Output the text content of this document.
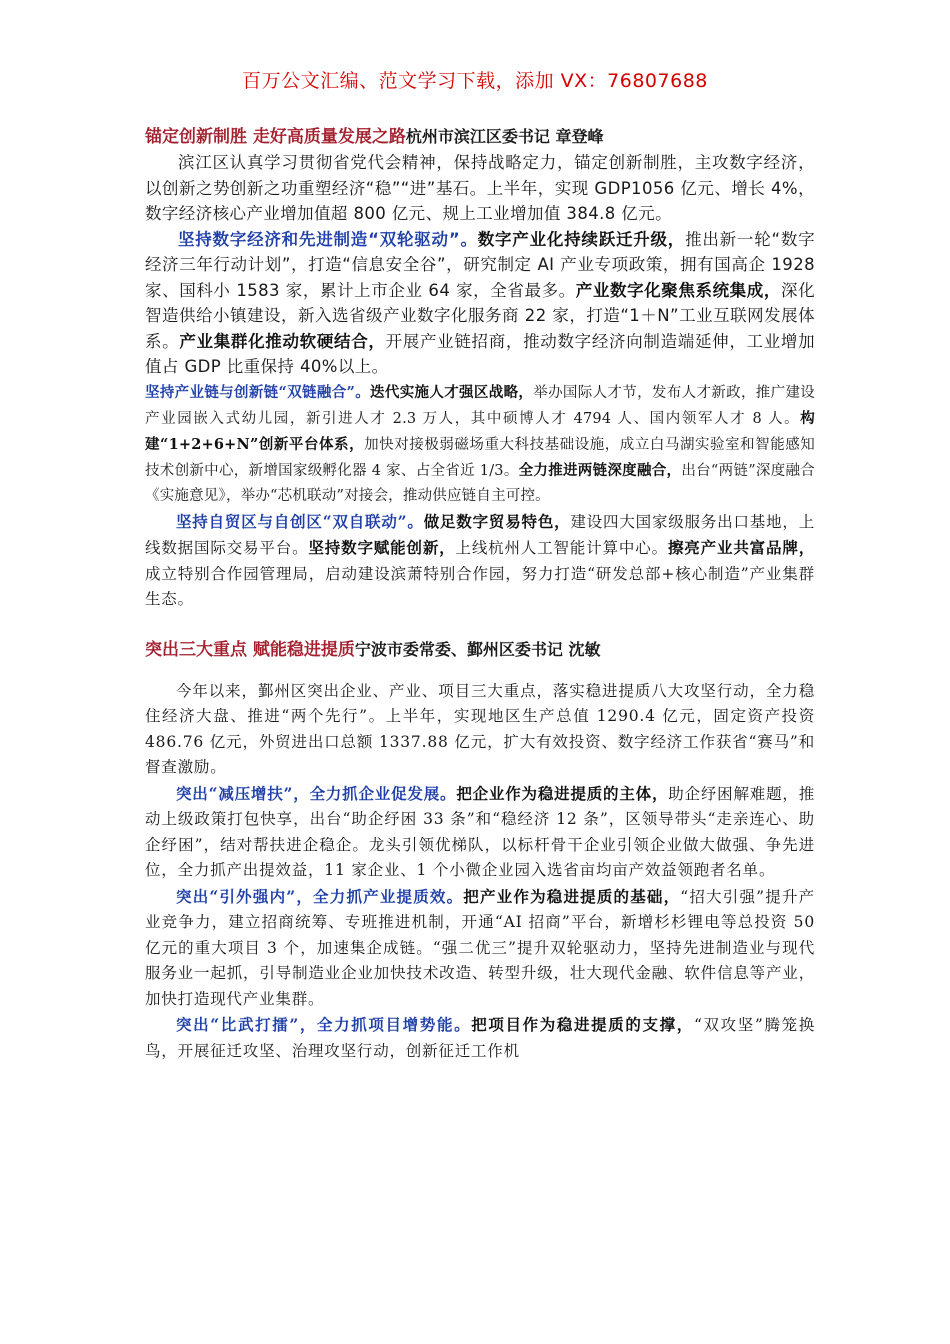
百万公文汇编、范文学习下载，添加 VX：76807688

锚定创新制胜 走好高质量发展之路杭州市滨江区委书记 章登峰

滨江区认真学习贯彻省党代会精神，保持战略定力，锚定创新制胜，主攻数字经济，以创新之势创新之功重塑经济“稳”“进”基石。上半年，实现 GDP1056 亿元、增长 4%，数字经济核心产业增加值超 800 亿元、规上工业增加值 384.8 亿元。

坚持数字经济和先进制造“双轮驱动”。数字产业化持续跃迁升级，推出新一轮“数字经济三年行动计划”，打造“信息安全谷”，研究制定 AI 产业专项政策，拥有国高企 1928 家、国科小 1583 家，累计上市企业 64 家，全省最多。产业数字化聚焦系统集成，深化智造供给小镇建设，新入选省级产业数字化服务商 22 家，打造“1＋N”工业互联网发展体系。产业集群化推动软硬结合，开展产业链招商，推动数字经济向制造端延伸，工业增加值占 GDP 比重保持 40%以上。

坚持产业链与创新链“双链融合”。迭代实施人才强区战略，举办国际人才节，发布人才新政，推广建设产业园嵌入式幼儿园，新引进人才 2.3 万人，其中硕博人才 4794 人、国内领军人才 8 人。构建“1+2+6+N”创新平台体系，加快对接极弱磁场重大科技基础设施，成立白马湖实验室和智能感知技术创新中心，新增国家级孵化器 4 家、占全省近 1/3。全力推进两链深度融合，出台“两链”深度融合《实施意见》，举办“芯机联动”对接会，推动供应链自主可控。

坚持自贸区与自创区“双自联动”。做足数字贸易特色，建设四大国家级服务出口基地，上线数据国际交易平台。坚持数字赋能创新，上线杭州人工智能计算中心。擦亮产业共富品牌，成立特别合作园管理局，启动建设滨萧特别合作园，努力打造“研发总部+核心制造”产业集群生态。

突出三大重点 赋能稳进提质宁波市委常委、鄞州区委书记 沈敏

今年以来，鄞州区突出企业、产业、项目三大重点，落实稳进提质八大攻坚行动，全力稳住经济大盘、推进“两个先行”。上半年，实现地区生产总值 1290.4 亿元，固定资产投资 486.76 亿元，外贸进出口总额 1337.88 亿元，扩大有效投资、数字经济工作获省“赛马”和督查激励。

突出“减压增扶”，全力抓企业促发展。把企业作为稳进提质的主体，助企纾困解难题，推动上级政策打包快享，出台“助企纾困 33 条”和“稳经济 12 条”，区领导带头“走亲连心、助企纾困”，结对帮扶进企稳企。龙头引领优梯队，以标杆骨干企业引领企业做大做强、争先进位，全力抓产出提效益，11 家企业、1 个小微企业园入选省亩均亩产效益领跑者名单。

突出“引外强内”，全力抓产业提质效。把产业作为稳进提质的基础，“招大引强”提升产业竞争力，建立招商统筹、专班推进机制，开通“AI 招商”平台，新增杉杉锂电等总投资 50 亿元的重大项目 3 个，加速集企成链。“强二优三”提升双轮驱动力，坚持先进制造业与现代服务业一起抓，引导制造业企业加快技术改造、转型升级，壮大现代金融、软件信息等产业，加快打造现代产业集群。

突出“比武打擂”，全力抓项目增势能。把项目作为稳进提质的支撑，“双攻坚”腾笼换鸟，开展征迁攻坚、治理攻坚行动，创新征迁工作机
